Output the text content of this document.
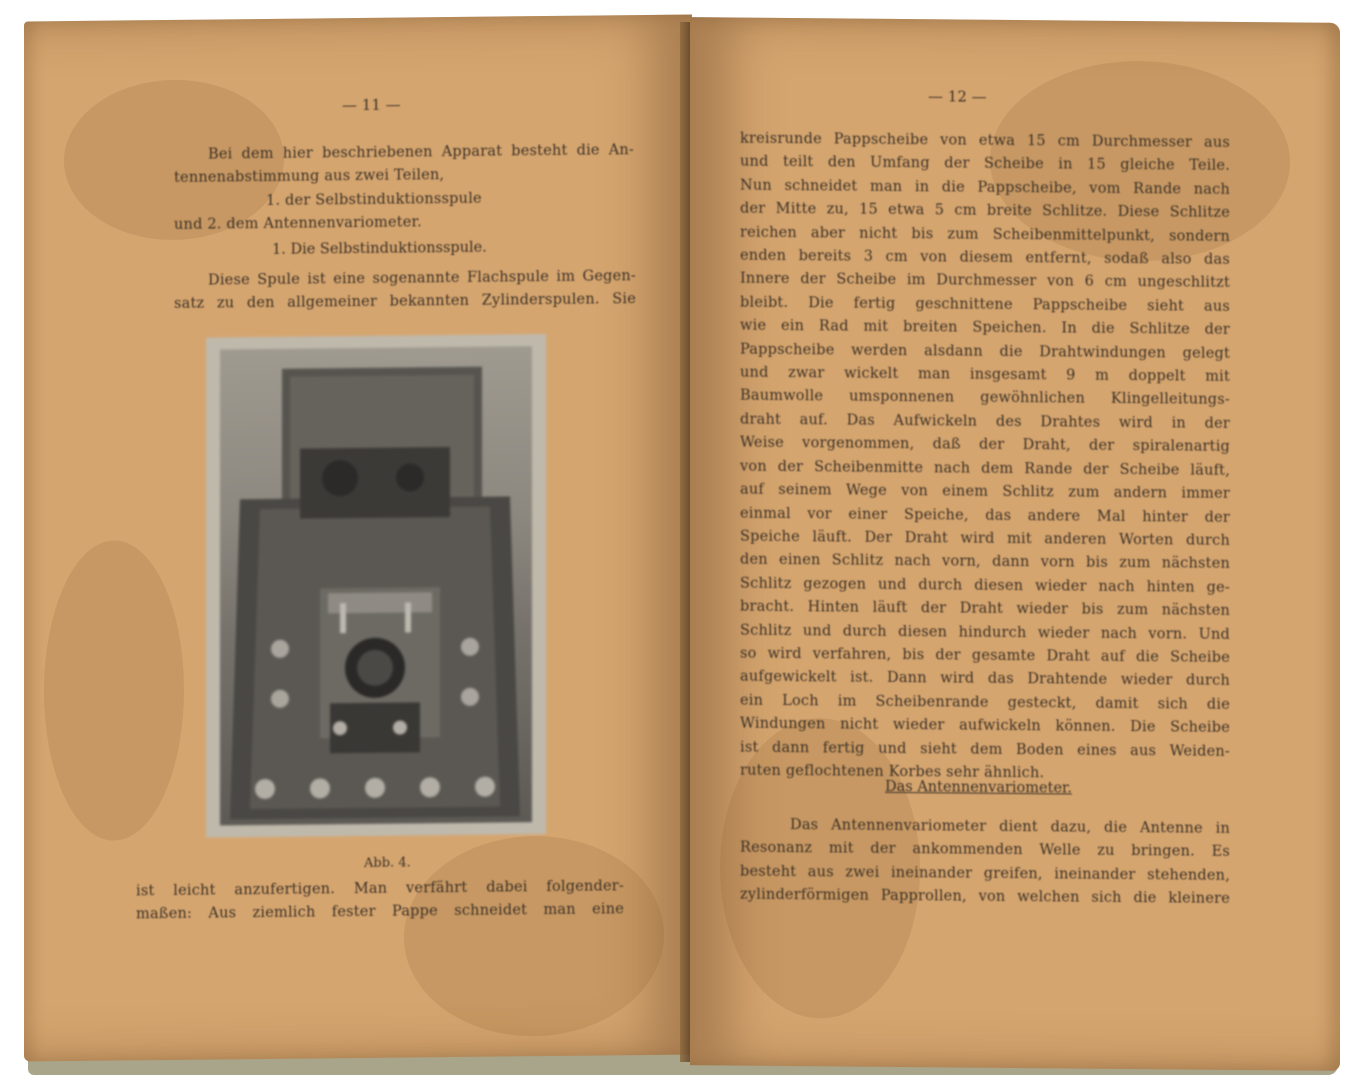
— 11 —
Bei dem hier beschriebenen Apparat besteht die An-
tennenabstimmung aus zwei Teilen,
1. der Selbstinduktionsspule
und 2. dem Antennenvariometer.
1. Die Selbstinduktionsspule.
Diese Spule ist eine sogenannte Flachspule im Gegen-
satz zu den allgemeiner bekannten Zylinderspulen. Sie
Abb. 4.
ist leicht anzufertigen. Man verfährt dabei folgender-
maßen: Aus ziemlich fester Pappe schneidet man eine
— 12 —
kreisrunde Pappscheibe von etwa 15 cm Durchmesser aus
und teilt den Umfang der Scheibe in 15 gleiche Teile.
Nun schneidet man in die Pappscheibe, vom Rande nach
der Mitte zu, 15 etwa 5 cm breite Schlitze. Diese Schlitze
reichen aber nicht bis zum Scheibenmittelpunkt, sondern
enden bereits 3 cm von diesem entfernt, sodaß also das
Innere der Scheibe im Durchmesser von 6 cm ungeschlitzt
bleibt. Die fertig geschnittene Pappscheibe sieht aus
wie ein Rad mit breiten Speichen. In die Schlitze der
Pappscheibe werden alsdann die Drahtwindungen gelegt
und zwar wickelt man insgesamt 9 m doppelt mit
Baumwolle umsponnenen gewöhnlichen Klingelleitungs-
draht auf. Das Aufwickeln des Drahtes wird in der
Weise vorgenommen, daß der Draht, der spiralenartig
von der Scheibenmitte nach dem Rande der Scheibe läuft,
auf seinem Wege von einem Schlitz zum andern immer
einmal vor einer Speiche, das andere Mal hinter der
Speiche läuft. Der Draht wird mit anderen Worten durch
den einen Schlitz nach vorn, dann vorn bis zum nächsten
Schlitz gezogen und durch diesen wieder nach hinten ge-
bracht. Hinten läuft der Draht wieder bis zum nächsten
Schlitz und durch diesen hindurch wieder nach vorn. Und
so wird verfahren, bis der gesamte Draht auf die Scheibe
aufgewickelt ist. Dann wird das Drahtende wieder durch
ein Loch im Scheibenrande gesteckt, damit sich die
Windungen nicht wieder aufwickeln können. Die Scheibe
ist dann fertig und sieht dem Boden eines aus Weiden-
ruten geflochtenen Korbes sehr ähnlich.
Das Antennenvariometer.
Das Antennenvariometer dient dazu, die Antenne in
Resonanz mit der ankommenden Welle zu bringen. Es
besteht aus zwei ineinander greifen, ineinander stehenden,
zylinderförmigen Papprollen, von welchen sich die kleinere
